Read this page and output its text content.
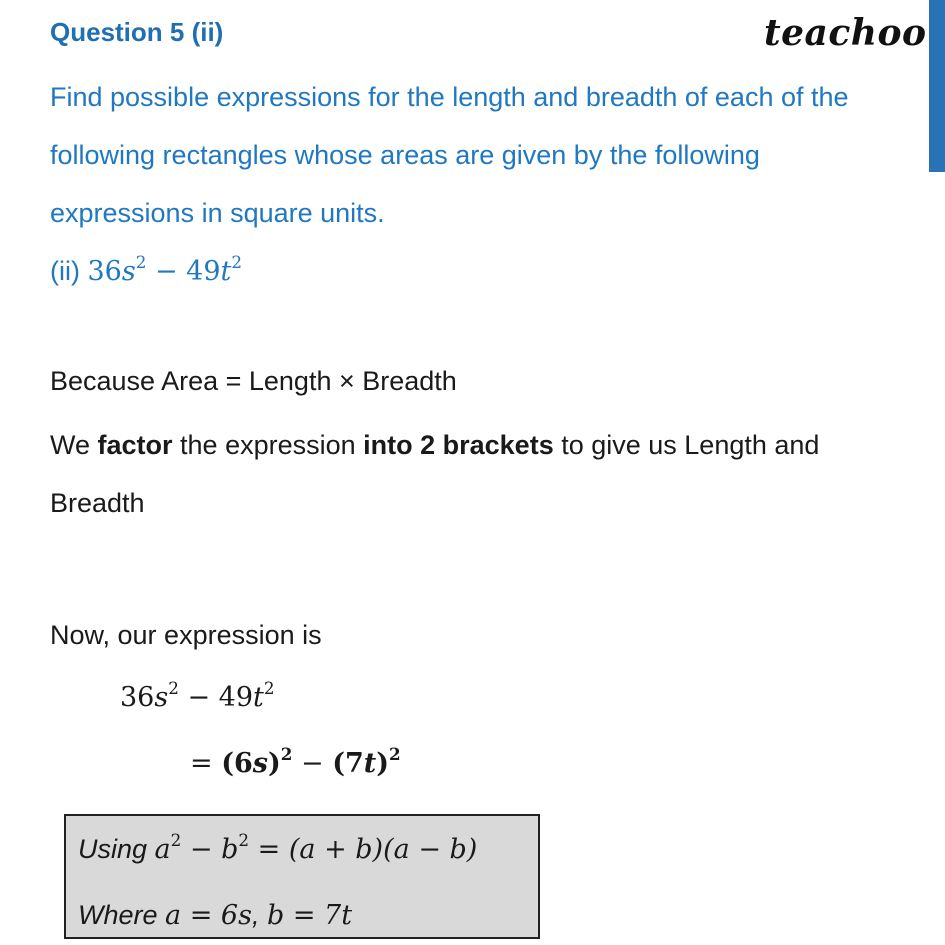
Question 5 (ii)	teachoo
Find possible expressions for the length and breadth of each of the
following rectangles whose areas are given by the following
expressions in square units.
(ii) $36s^2 - 49t^2$
Because Area = Length × Breadth
We factor the expression into 2 brackets to give us Length and
Breadth
Now, our expression is
$36s^2 - 49t^2$
= $(6s)^2 - (7t)^2$
Using $a^2 - b^2 = (a + b)(a - b)$
Where a = 6s, b = 7t
